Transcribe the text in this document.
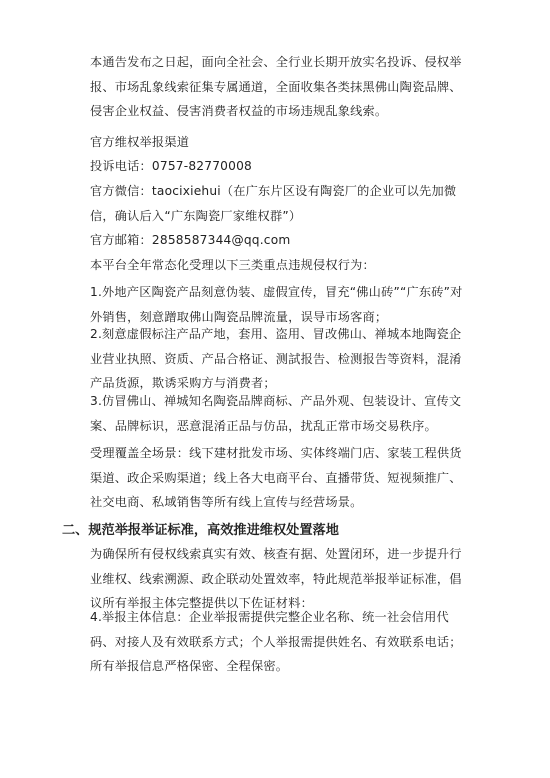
本通告发布之日起，面向全社会、全行业长期开放实名投诉、侵权举报、市场乱象线索征集专属通道，全面收集各类抹黑佛山陶瓷品牌、侵害企业权益、侵害消费者权益的市场违规乱象线索。

官方维权举报渠道

投诉电话：0757-82770008

官方微信：taocixiehui（在广东片区设有陶瓷厂的企业可以先加微信，确认后入“广东陶瓷厂家维权群”）

官方邮箱：2858587344@qq.com

本平台全年常态化受理以下三类重点违规侵权行为：

1.外地产区陶瓷产品刻意伪装、虚假宣传，冒充“佛山砖”“广东砖”对外销售，刻意蹭取佛山陶瓷品牌流量，误导市场客商；

2.刻意虚假标注产品产地，套用、盗用、冒改佛山、禅城本地陶瓷企业营业执照、资质、产品合格证、测試报告、检测报告等资料，混淆产品货源，欺诱采购方与消费者；

3.仿冒佛山、禅城知名陶瓷品牌商标、产品外观、包装设计、宣传文案、品牌标识，恶意混淆正品与仿品，扰乱正常市场交易秩序。

受理覆盖全场景：线下建材批发市场、实体终端门店、家装工程供货渠道、政企采购渠道；线上各大电商平台、直播带货、短视频推广、社交电商、私域销售等所有线上宣传与经营场景。

二、规范举报举证标准，高效推进维权处置落地

为确保所有侵权线索真实有效、核查有据、处置闭环，进一步提升行业维权、线索溯源、政企联动处置效率，特此规范举报举证标准，倡议所有举报主体完整提供以下佐证材料：

4.举报主体信息：企业举报需提供完整企业名称、统一社会信用代码、对接人及有效联系方式；个人举报需提供姓名、有效联系电话；所有举报信息严格保密、全程保密。
